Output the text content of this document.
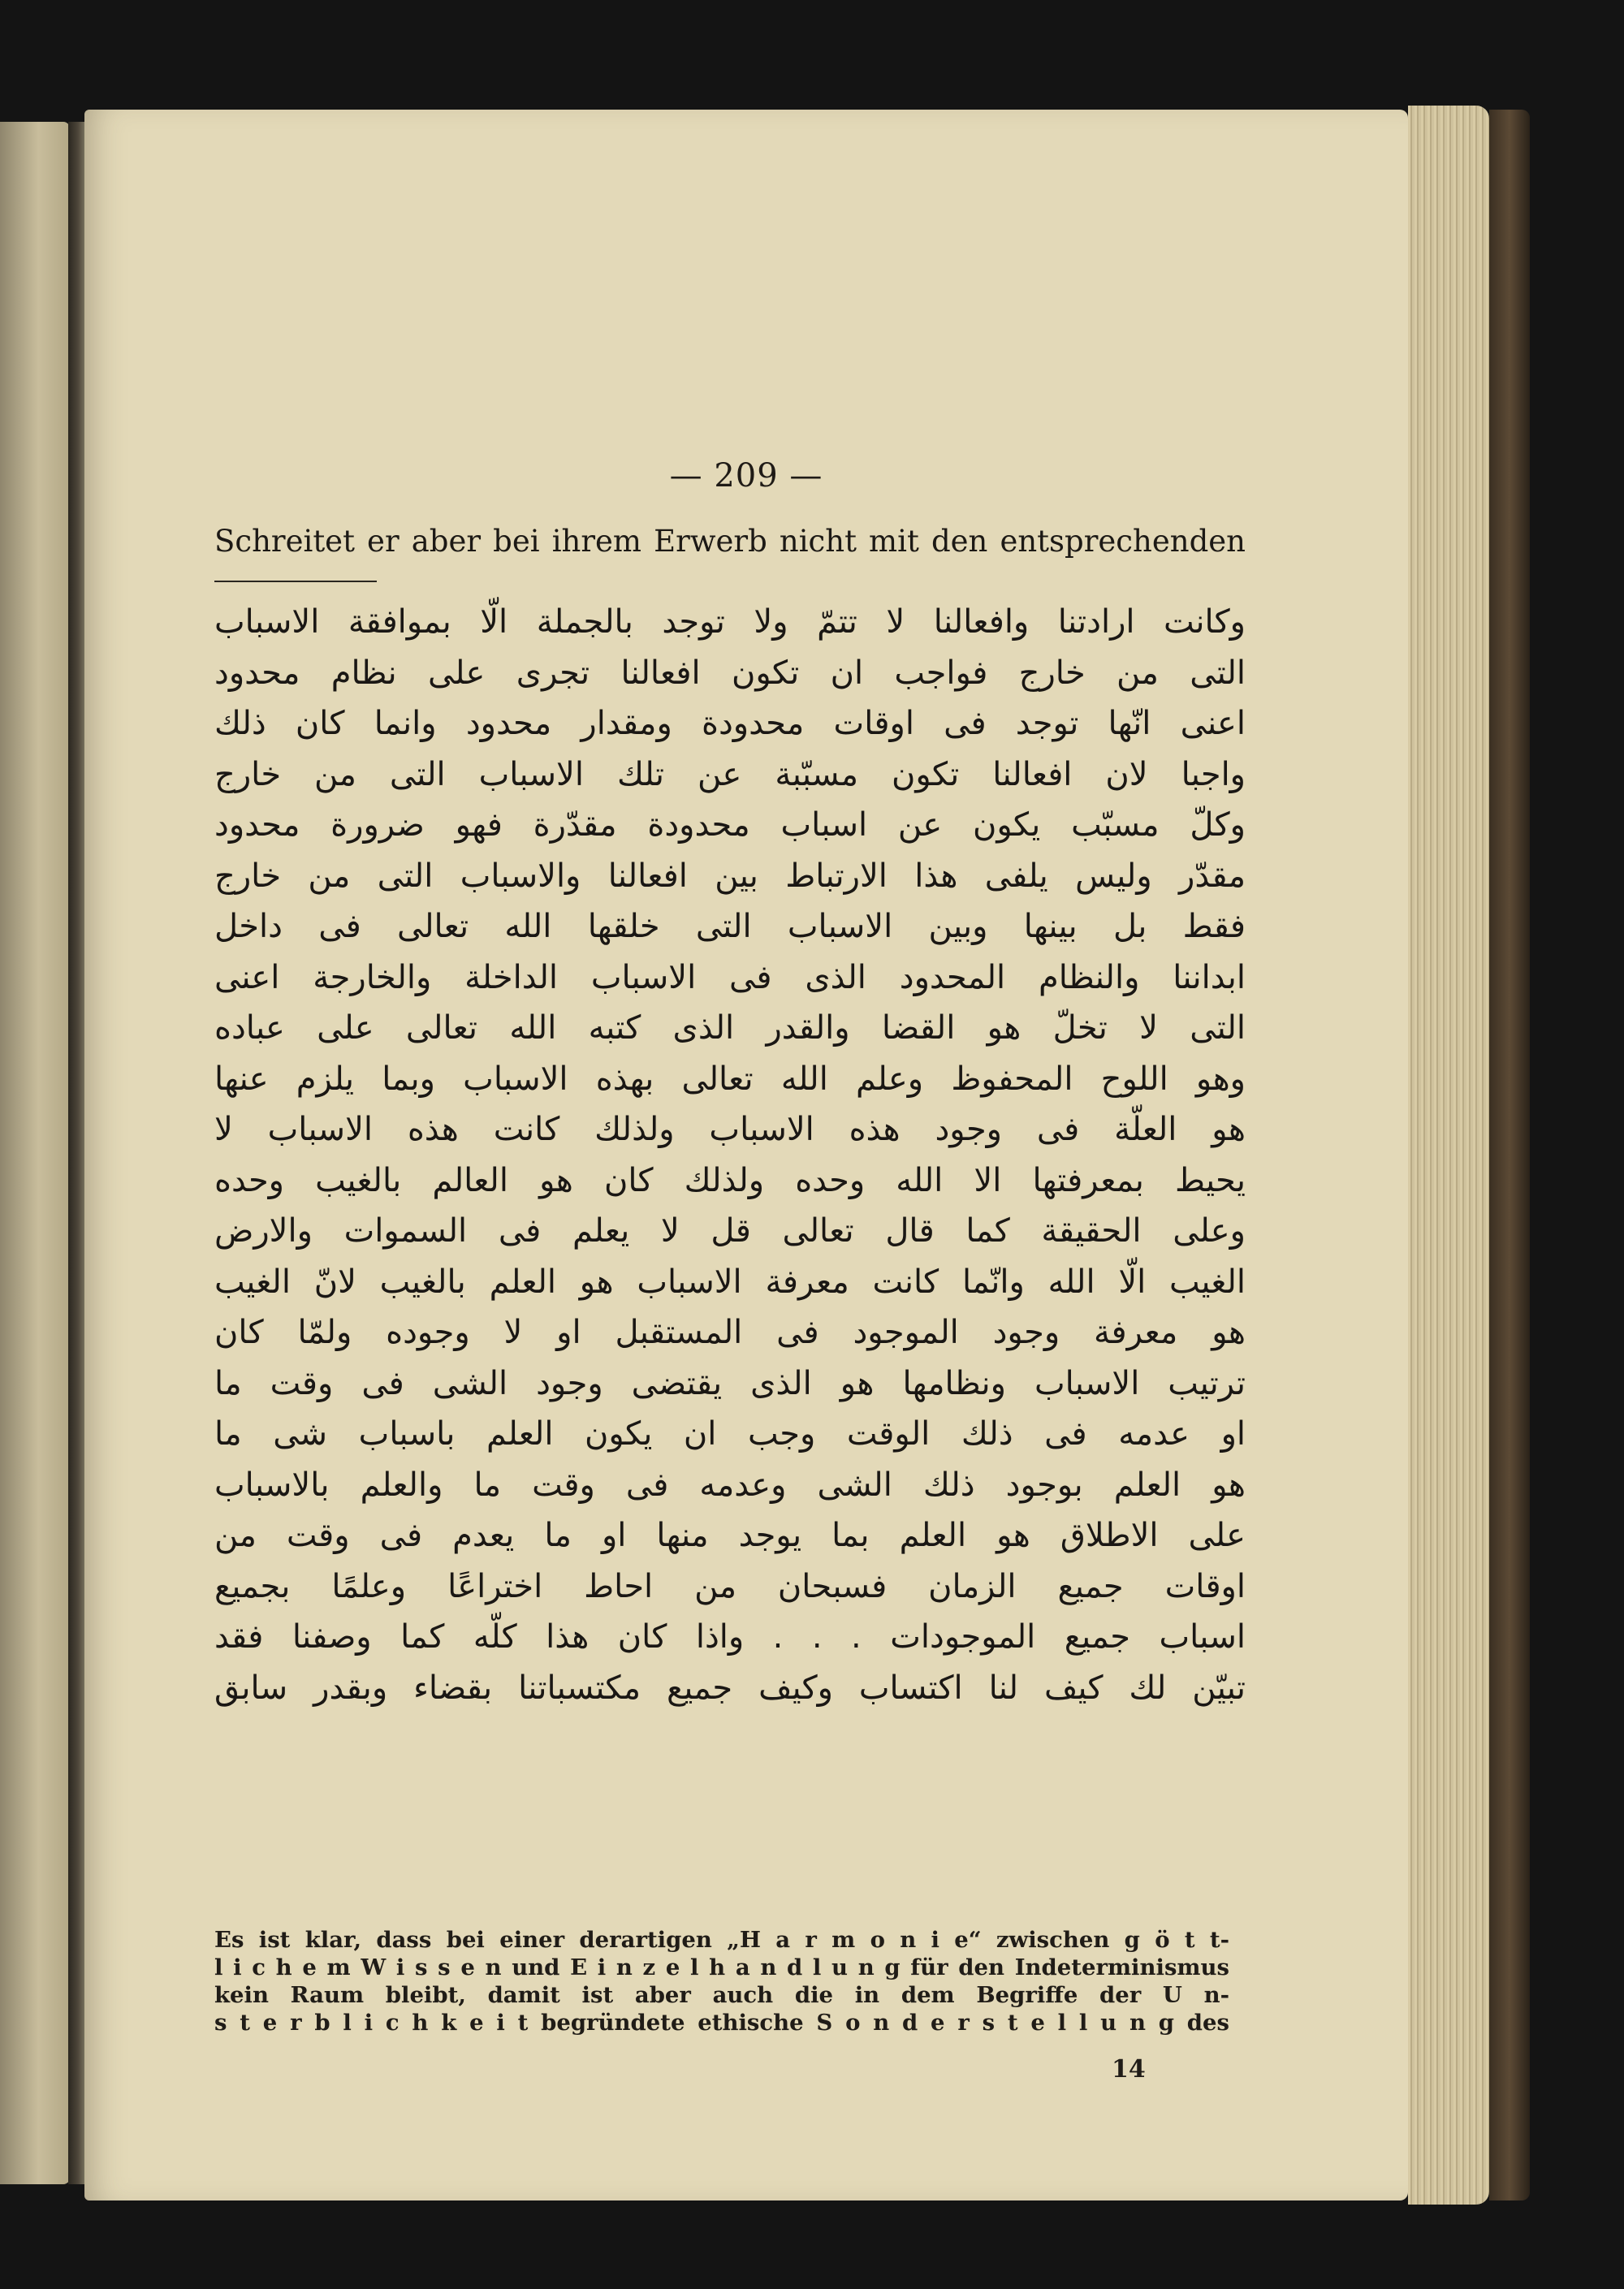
— 209 —
Schreitet er aber bei ihrem Erwerb nicht mit den entsprechenden
وكانت ارادتنا وافعالنا لا تتمّ ولا توجد بالجملة الّا بموافقة الاسباب
التى من خارج فواجب ان تكون افعالنا تجرى على نظام محدود
اعنى انّها توجد فى اوقات محدودة ومقدار محدود وانما كان ذلك
واجبا لان افعالنا تكون مسبّبة عن تلك الاسباب التى من خارج
وكلّ مسبّب يكون عن اسباب محدودة مقدّرة فهو ضرورة محدود
مقدّر وليس يلفى هذا الارتباط بين افعالنا والاسباب التى من خارج
فقط بل بينها وبين الاسباب التى خلقها الله تعالى فى داخل
ابداننا والنظام المحدود الذى فى الاسباب الداخلة والخارجة اعنى
التى لا تخلّ هو القضا والقدر الذى كتبه الله تعالى على عباده
وهو اللوح المحفوظ وعلم الله تعالى بهذه الاسباب وبما يلزم عنها
هو العلّة فى وجود هذه الاسباب ولذلك كانت هذه الاسباب لا
يحيط بمعرفتها الا الله وحده ولذلك كان هو العالم بالغيب وحده
وعلى الحقيقة كما قال تعالى قل لا يعلم فى السموات والارض
الغيب الّا الله وانّما كانت معرفة الاسباب هو العلم بالغيب لانّ الغيب
هو معرفة وجود الموجود فى المستقبل او لا وجوده ولمّا كان
ترتيب الاسباب ونظامها هو الذى يقتضى وجود الشى فى وقت ما
او عدمه فى ذلك الوقت وجب ان يكون العلم باسباب شى ما
هو العلم بوجود ذلك الشى وعدمه فى وقت ما والعلم بالاسباب
على الاطلاق هو العلم بما يوجد منها او ما يعدم فى وقت من
اوقات جميع الزمان فسبحان من احاط اختراعًا وعلمًا بجميع
اسباب جميع الموجودات . . . واذا كان هذا كلّه كما وصفنا فقد
تبيّن لك كيف لنا اكتساب وكيف جميع مكتسباتنا بقضاء وبقدر سابق
Es ist klar, dass bei einer derartigen „H a r m o n i e“ zwischen g ö t t-
l i c h e m W i s s e n und E i n z e l h a n d l u n g für den Indeterminismus
kein Raum bleibt, damit ist aber auch die in dem Begriffe der U n-
s t e r b l i c h k e i t begründete ethische S o n d e r s t e l l u n g des
14
